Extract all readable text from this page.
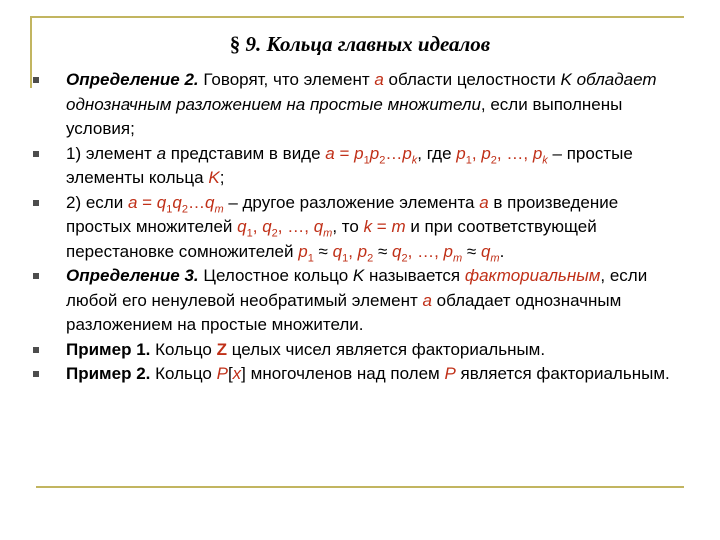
§ 9. Кольца главных идеалов
Определение 2. Говорят, что элемент а области целостности K обладает однозначным разложением на простые множители, если выполнены условия;
1) элемент а представим в виде $a = p_1p_2\dots p_k$, где $p_1$, $p_2$, …, $p_k$ – простые элементы кольца K;
2) если $a = q_1q_2\dots q_m$ – другое разложение элемента а в произведение простых множителей $q_1$, $q_2$, …, $q_m$, то k = m и при соответствующей перестановке сомножителей $p_1 \approx q_1$, $p_2 \approx q_2$, …, $p_m \approx q_m$.
Определение 3. Целостное кольцо K называется факториальным, если любой его ненулевой необратимый элемент а обладает однозначным разложением на простые множители.
Пример 1. Кольцо Z целых чисел является факториальным.
Пример 2. Кольцо P[x] многочленов над полем P является факториальным.
